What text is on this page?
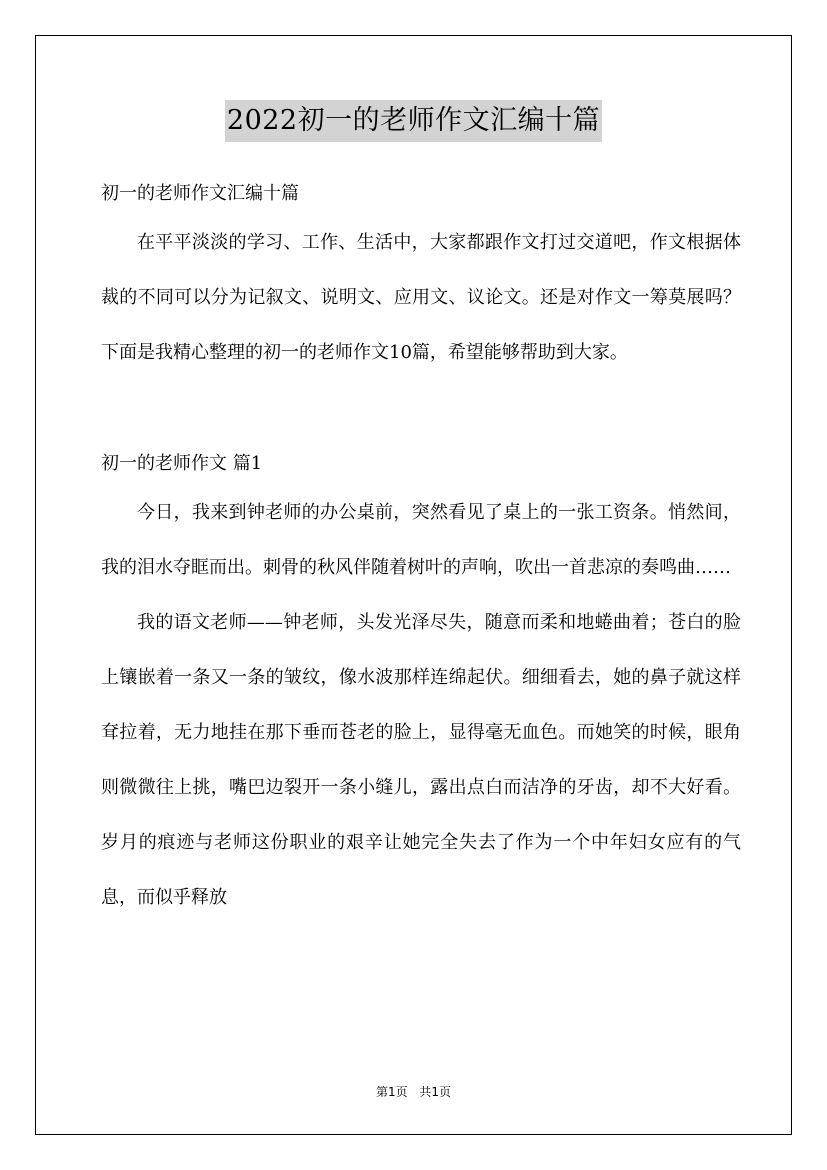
2022初一的老师作文汇编十篇

初一的老师作文汇编十篇

在平平淡淡的学习、工作、生活中，大家都跟作文打过交道吧，作文根据体裁的不同可以分为记叙文、说明文、应用文、议论文。还是对作文一筹莫展吗？下面是我精心整理的初一的老师作文10篇，希望能够帮助到大家。

初一的老师作文 篇1

今日，我来到钟老师的办公桌前，突然看见了桌上的一张工资条。悄然间，我的泪水夺眶而出。刺骨的秋风伴随着树叶的声响，吹出一首悲凉的奏鸣曲……

我的语文老师——钟老师，头发光泽尽失，随意而柔和地蜷曲着；苍白的脸上镶嵌着一条又一条的皱纹，像水波那样连绵起伏。细细看去，她的鼻子就这样耷拉着，无力地挂在那下垂而苍老的脸上，显得毫无血色。而她笑的时候，眼角则微微往上挑，嘴巴边裂开一条小缝儿，露出点白而洁净的牙齿，却不大好看。岁月的痕迹与老师这份职业的艰辛让她完全失去了作为一个中年妇女应有的气息，而似乎释放

第1页 共1页
